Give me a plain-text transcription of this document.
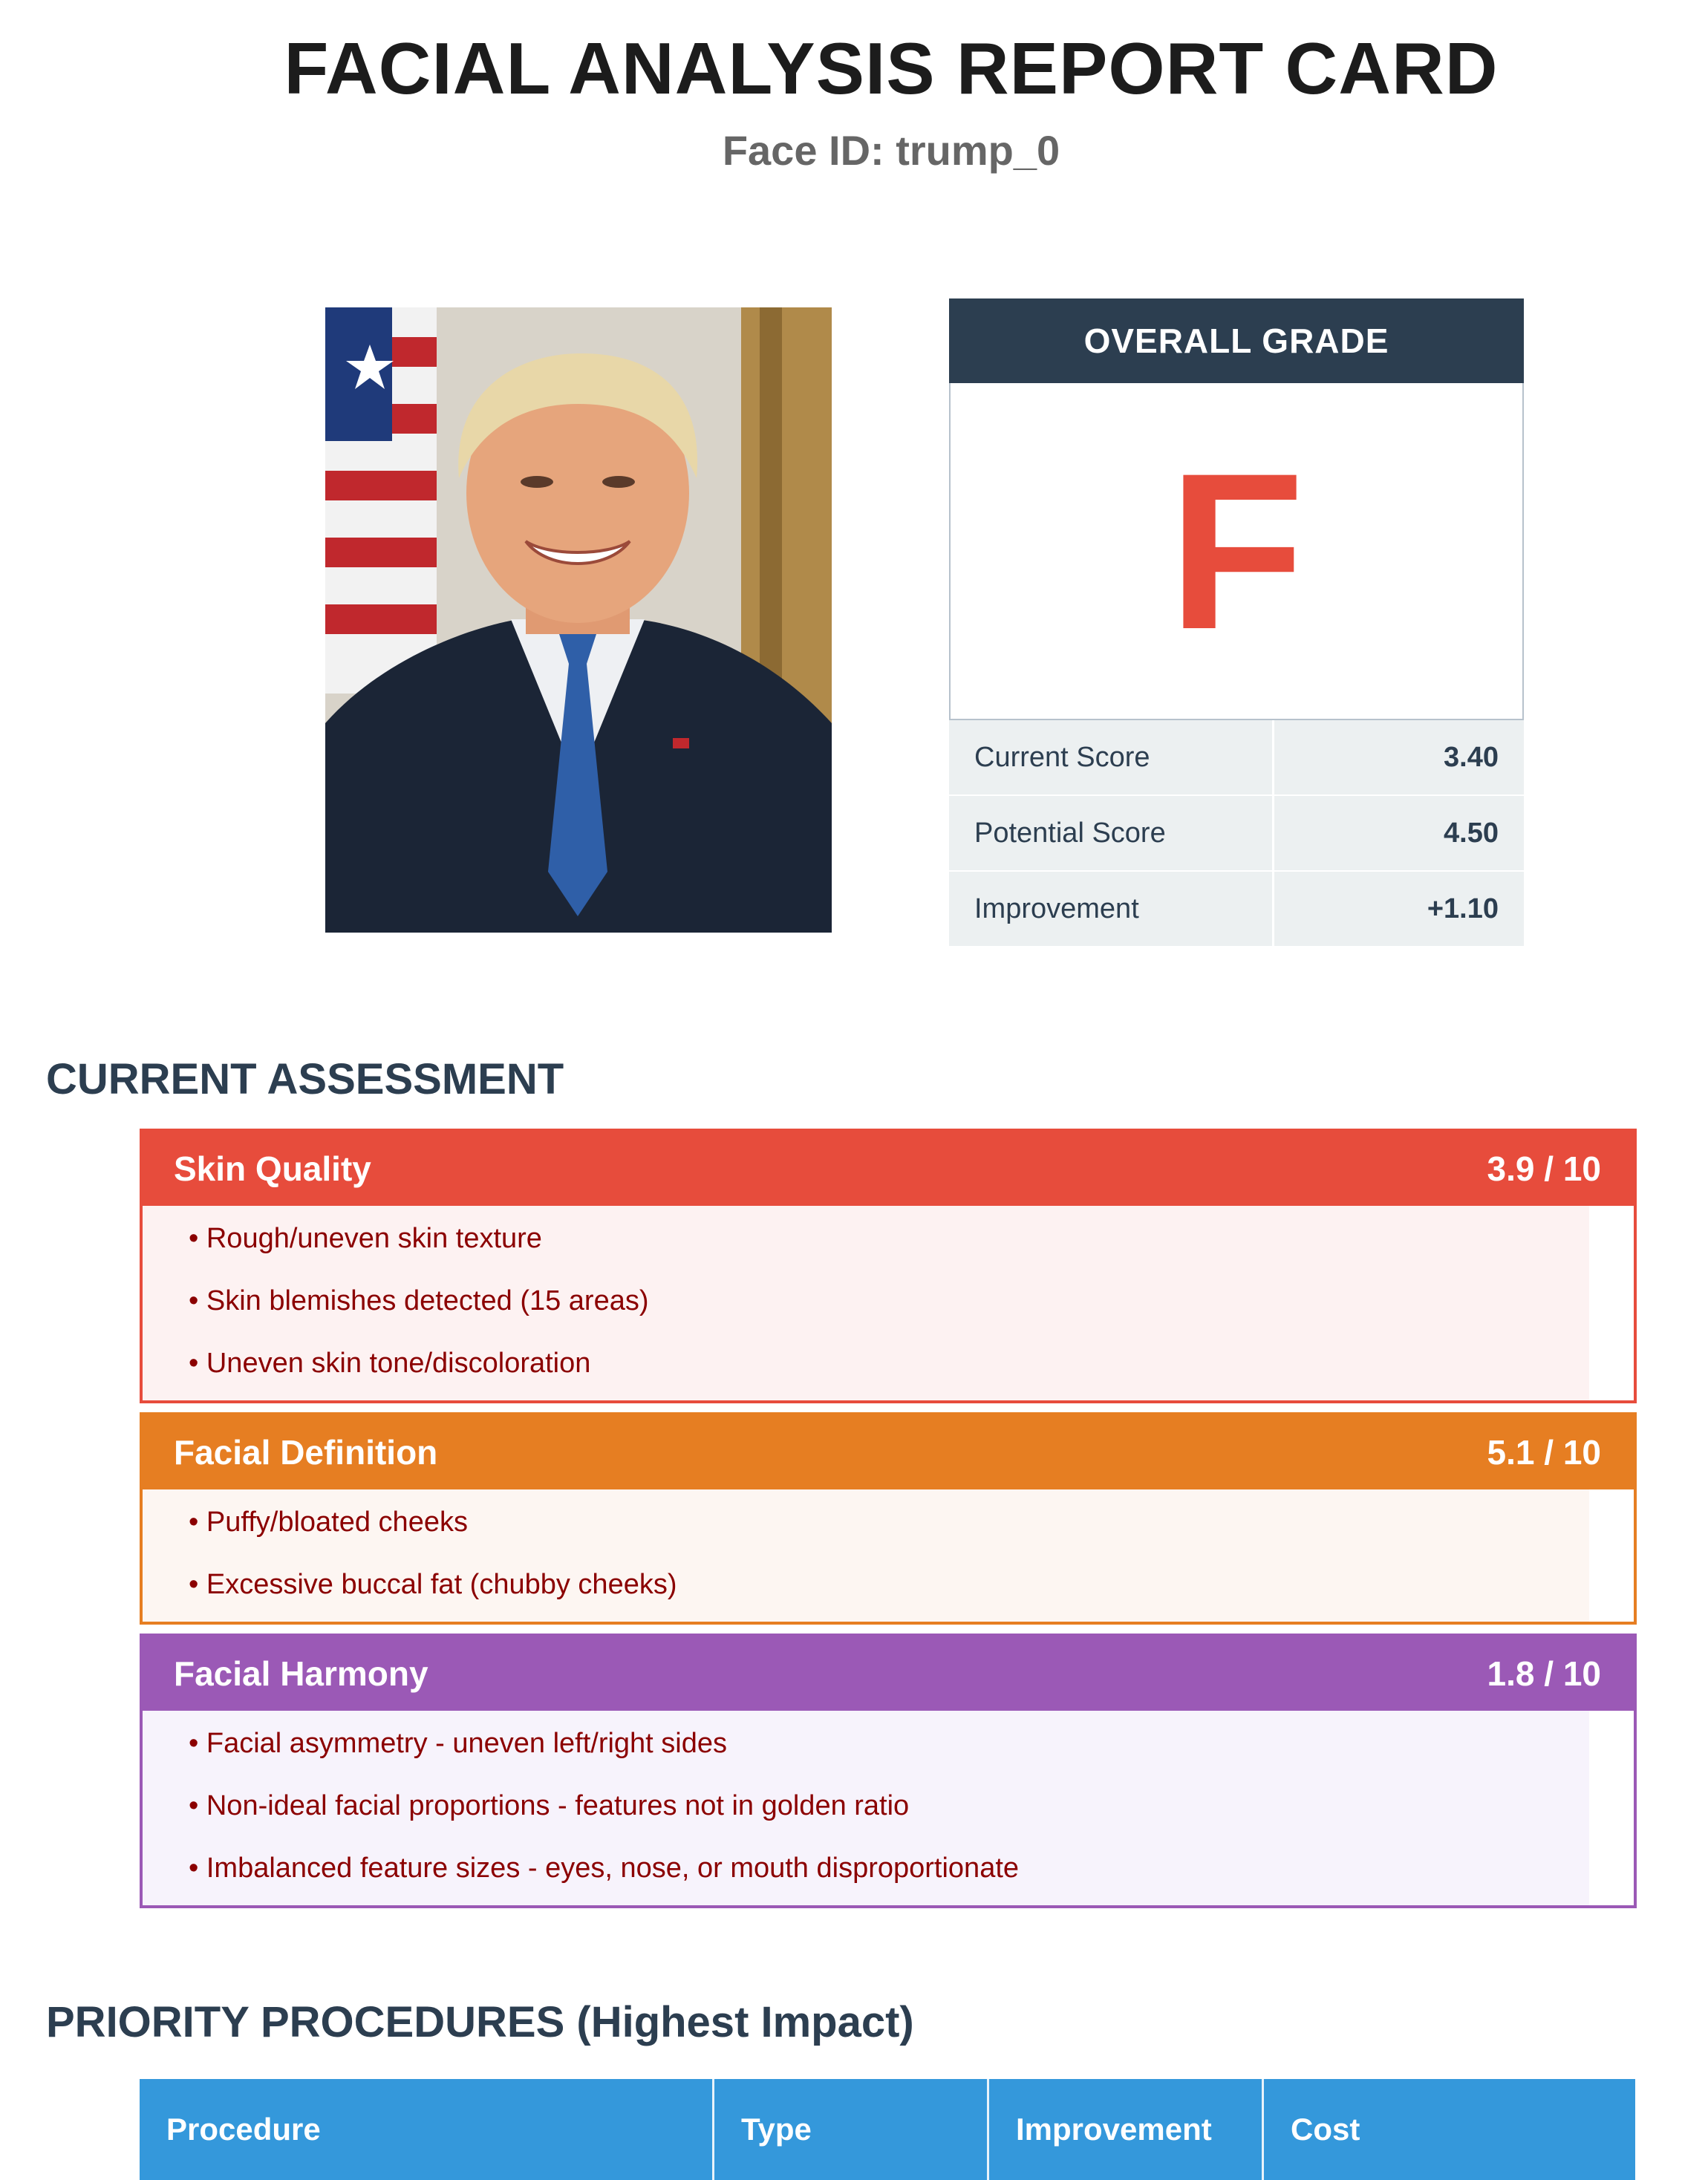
FACIAL ANALYSIS REPORT CARD
Face ID: trump_0
OVERALL GRADE
F
Current Score	3.40
Potential Score	4.50
Improvement	+1.10
CURRENT ASSESSMENT
Skin Quality	3.9 / 10
• Rough/uneven skin texture
• Skin blemishes detected (15 areas)
• Uneven skin tone/discoloration
Facial Definition	5.1 / 10
• Puffy/bloated cheeks
• Excessive buccal fat (chubby cheeks)
Facial Harmony	1.8 / 10
• Facial asymmetry - uneven left/right sides
• Non-ideal facial proportions - features not in golden ratio
• Imbalanced feature sizes - eyes, nose, or mouth disproportionate
PRIORITY PROCEDURES (Highest Impact)
Procedure	Type	Improvement	Cost
